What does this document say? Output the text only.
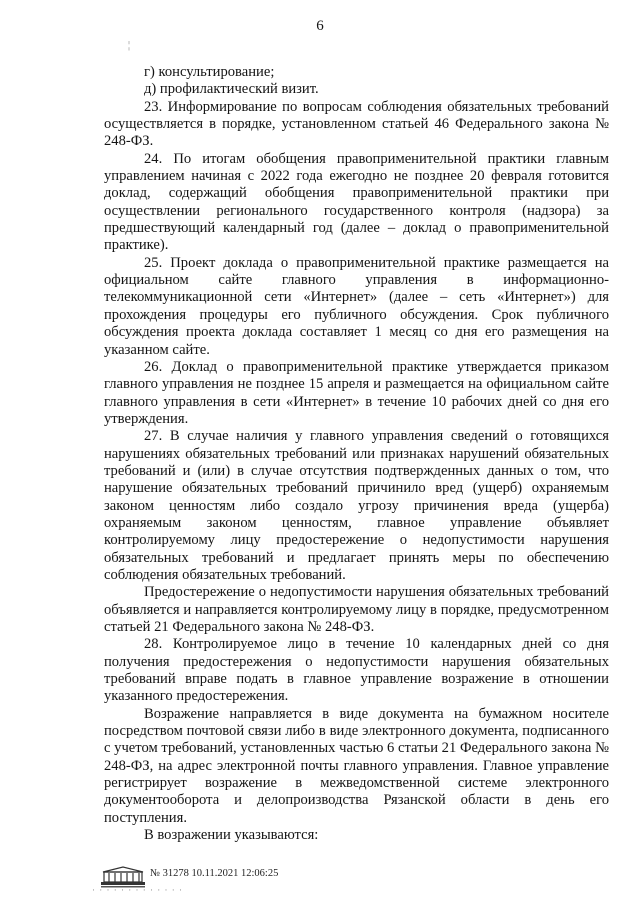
6
¦

г) консультирование;

д) профилактический визит.

23. Информирование по вопросам соблюдения обязательных требований осуществляется в порядке, установленном статьей 46 Федерального закона № 248-ФЗ.

24. По итогам обобщения правоприменительной практики главным управлением начиная с 2022 года ежегодно не позднее 20 февраля готовится доклад, содержащий обобщения правоприменительной практики при осуществлении регионального государственного контроля (надзора) за предшествующий календарный год (далее – доклад о правоприменительной практике).

25. Проект доклада о правоприменительной практике размещается на официальном сайте главного управления в информационно-телекоммуникационной сети «Интернет» (далее – сеть «Интернет») для прохождения процедуры его публичного обсуждения. Срок публичного обсуждения проекта доклада составляет 1 месяц со дня его размещения на указанном сайте.

26. Доклад о правоприменительной практике утверждается приказом главного управления не позднее 15 апреля и размещается на официальном сайте главного управления в сети «Интернет» в течение 10 рабочих дней со дня его утверждения.

27. В случае наличия у главного управления сведений о готовящихся нарушениях обязательных требований или признаках нарушений обязательных требований и (или) в случае отсутствия подтвержденных данных о том, что нарушение обязательных требований причинило вред (ущерб) охраняемым законом ценностям либо создало угрозу причинения вреда (ущерба) охраняемым законом ценностям, главное управление объявляет контролируемому лицу предостережение о недопустимости нарушения обязательных требований и предлагает принять меры по обеспечению соблюдения обязательных требований.

Предостережение о недопустимости нарушения обязательных требований объявляется и направляется контролируемому лицу в порядке, предусмотренном статьей 21 Федерального закона № 248-ФЗ.

28. Контролируемое лицо в течение 10 календарных дней со дня получения предостережения о недопустимости нарушения обязательных требований вправе подать в главное управление возражение в отношении указанного предостережения.

Возражение направляется в виде документа на бумажном носителе посредством почтовой связи либо в виде электронного документа, подписанного с учетом требований, установленных частью 6 статьи 21 Федерального закона № 248-ФЗ, на адрес электронной почты главного управления. Главное управление регистрирует возражение в межведомственной системе электронного документооборота и делопроизводства Рязанской области в день его поступления.

В возражении указываются:

№ 31278 10.11.2021 12:06:25
· · · · · · · · · · · · ·
